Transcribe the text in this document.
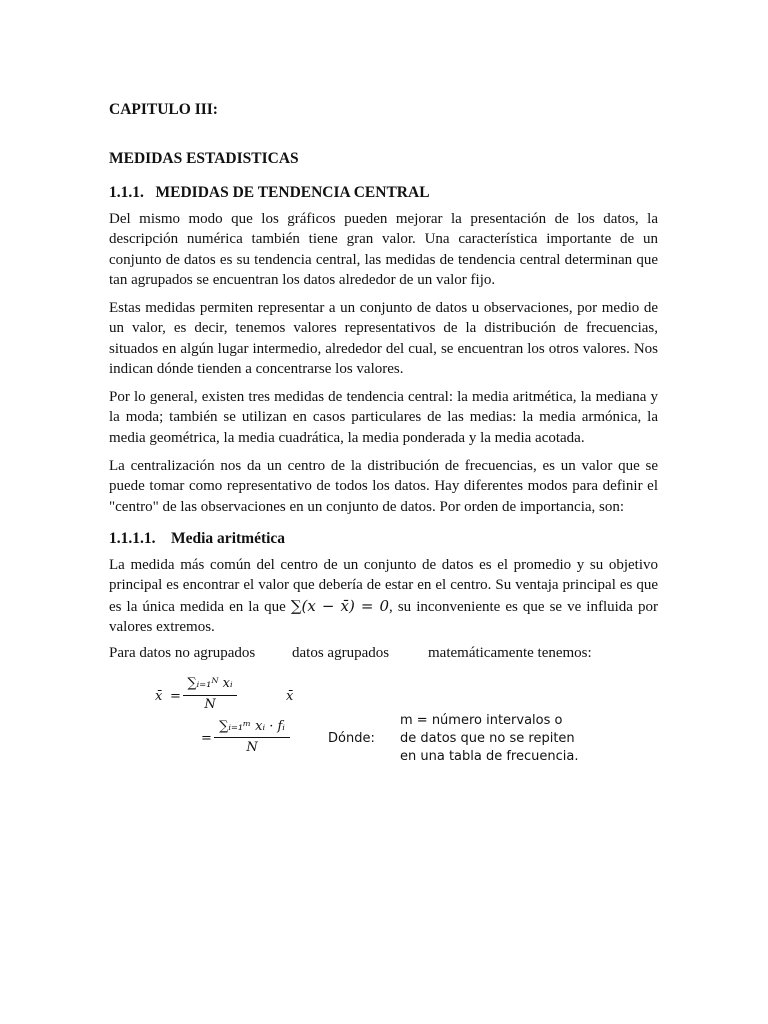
CAPITULO III:
MEDIDAS ESTADISTICAS
1.1.1.   MEDIDAS DE TENDENCIA CENTRAL

Del mismo modo que los gráficos pueden mejorar la presentación de los datos, la descripción numérica también tiene gran valor. Una característica importante de un conjunto de datos es su tendencia central, las medidas de tendencia central determinan que tan agrupados se encuentran los datos alrededor de un valor fijo.

Estas medidas permiten representar a un conjunto de datos u observaciones, por medio de un valor, es decir, tenemos valores representativos de la distribución de frecuencias, situados en algún lugar intermedio, alrededor del cual, se encuentran los otros valores. Nos indican dónde tienden a concentrarse los valores.

Por lo general, existen tres medidas de tendencia central: la media aritmética, la mediana y la moda; también se utilizan en casos particulares de las medias: la media armónica, la media geométrica, la media cuadrática, la media ponderada y la media acotada.

La centralización nos da un centro de la distribución de frecuencias, es un valor que se puede tomar como representativo de todos los datos. Hay diferentes modos para definir el "centro" de las observaciones en un conjunto de datos. Por orden de importancia, son:

1.1.1.1.    Media aritmética

La medida más común del centro de un conjunto de datos es el promedio y su objetivo principal es encontrar el valor que debería de estar en el centro. Su ventaja principal es que es la única medida en la que ∑(x − x̄) = 0, su inconveniente es que se ve influida por valores extremos.

Para datos no agrupados datos agrupados	matemáticamente tenemos:
x̄ =
∑ᵢ₌₁ᴺ xᵢ
N
x̄
=
∑ᵢ₌₁ᵐ xᵢ · fᵢ
N
Dónde:
m = número intervalos o
de datos que no se repiten
en una tabla de frecuencia.
